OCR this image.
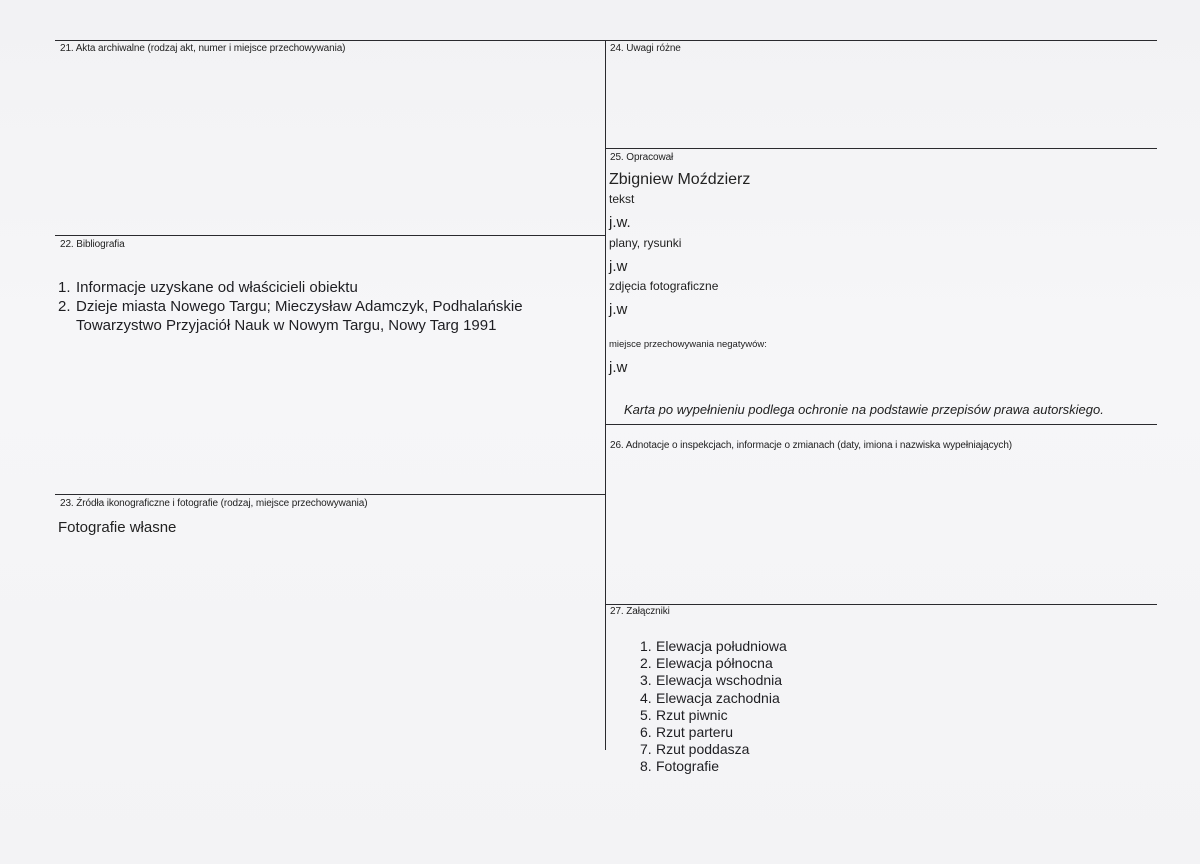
21. Akta archiwalne (rodzaj akt, numer i miejsce przechowywania)
22. Bibliografia
1. Informacje uzyskane od właścicieli obiektu
2. Dzieje miasta Nowego Targu; Mieczysław Adamczyk, Podhalańskie Towarzystwo Przyjaciół Nauk w Nowym Targu, Nowy Targ 1991
23. Źródła ikonograficzne i fotografie (rodzaj, miejsce przechowywania)
Fotografie własne
24. Uwagi różne
25. Opracował
Zbigniew Moździerz
tekst
j.w.
plany, rysunki
j.w
zdjęcia fotograficzne
j.w
miejsce przechowywania negatywów:
j.w
Karta po wypełnieniu podlega ochronie na podstawie przepisów prawa autorskiego.
26. Adnotacje o inspekcjach, informacje o zmianach (daty, imiona i nazwiska wypełniających)
27. Załączniki
1. Elewacja południowa
2. Elewacja północna
3. Elewacja wschodnia
4. Elewacja zachodnia
5. Rzut piwnic
6. Rzut parteru
7. Rzut poddasza
8. Fotografie
